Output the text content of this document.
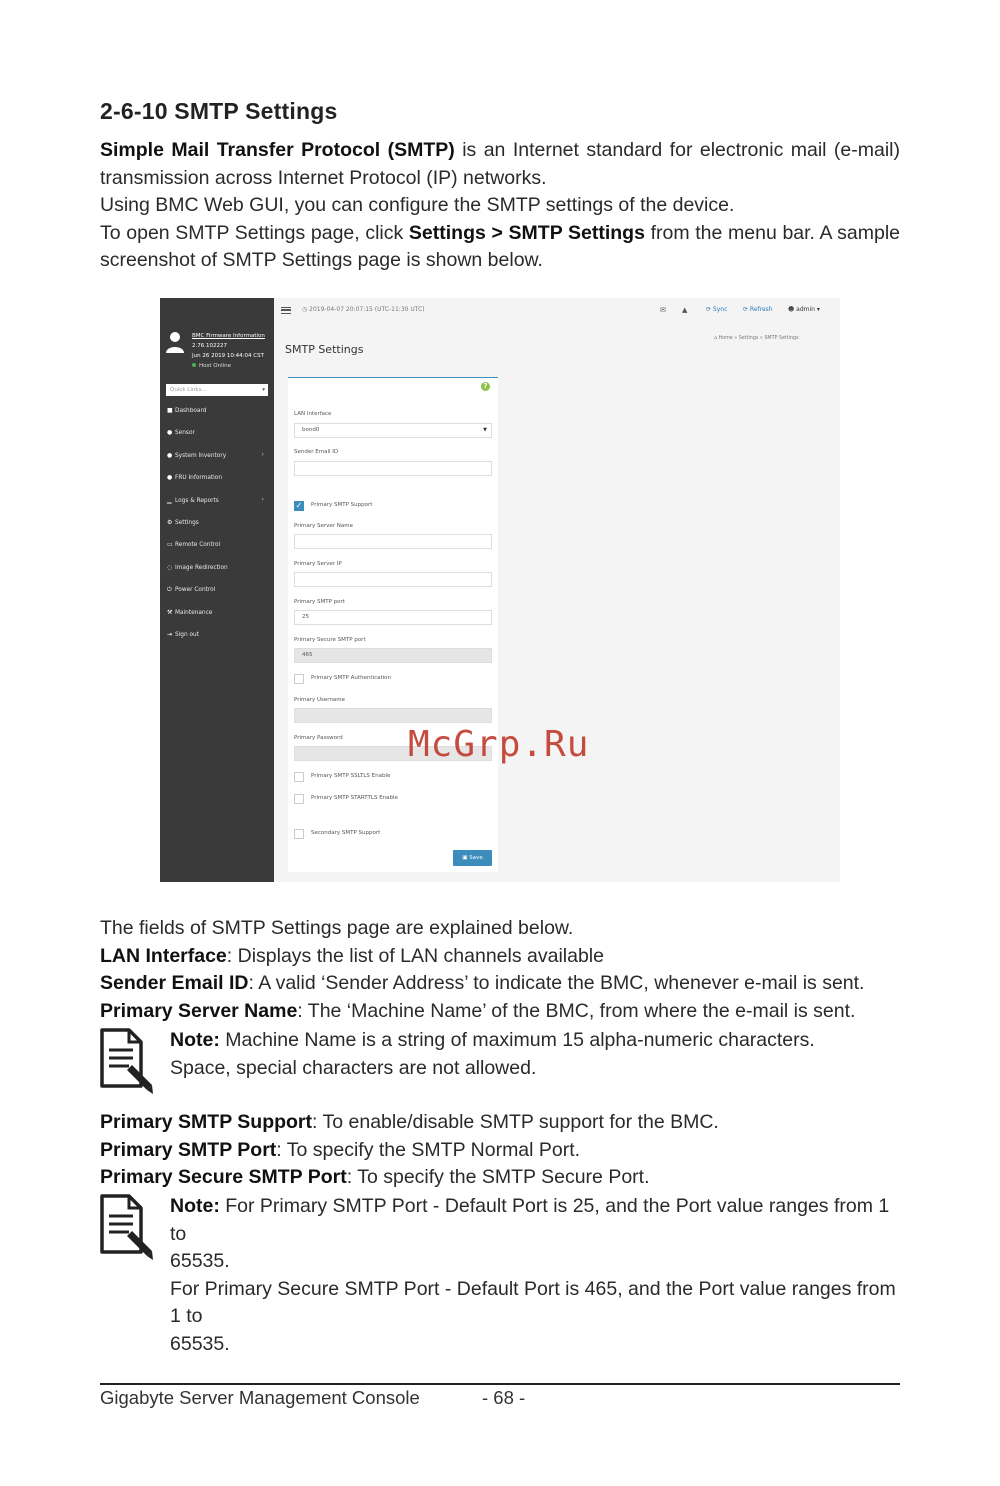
2-6-10 SMTP Settings
Simple Mail Transfer Protocol (SMTP) is an Internet standard for electronic mail (e-mail)
transmission across Internet Protocol (IP) networks.
Using BMC Web GUI, you can configure the SMTP settings of the device.
To open SMTP Settings page, click Settings > SMTP Settings from the menu bar. A sample
screenshot of SMTP Settings page is shown below.
BMC Firmware Information
2.76.102227
Jun 26 2019 10:44:04 CST
Host Online
Quick Links...	▾
■ Dashboard
● Sensor
● System Inventory	›
● FRU Information
▁ Logs & Reports	›
⚙ Settings
▭ Remote Control
◌ Image Redirection
⏻ Power Control
⚒ Maintenance
⇥ Sign out
◷ 2019-04-07 20:07:15 (UTC-11:30 UTC)	✉ ▲	⟳ Sync	⟳ Refresh	☻ admin ▾
SMTP Settings
⌂ Home » Settings » SMTP Settings
?
LAN Interface
bond0	▼
Sender Email ID
✓	Primary SMTP Support
Primary Server Name
Primary Server IP
Primary SMTP port
25
Primary Secure SMTP port
465
Primary SMTP Authentication
Primary Username
Primary Password
Primary SMTP SSLTLS Enable
Primary SMTP STARTTLS Enable
Secondary SMTP Support
▣ Save
McGrp.Ru
The fields of SMTP Settings page are explained below.
LAN Interface: Displays the list of LAN channels available
Sender Email ID: A valid ‘Sender Address’ to indicate the BMC, whenever e-mail is sent.
Primary Server Name: The ‘Machine Name’ of the BMC, from where the e-mail is sent.
Note: Machine Name is a string of maximum 15 alpha-numeric characters.
Space, special characters are not allowed.
Primary SMTP Support: To enable/disable SMTP support for the BMC.
Primary SMTP Port: To specify the SMTP Normal Port.
Primary Secure SMTP Port: To specify the SMTP Secure Port.
Note: For Primary SMTP Port - Default Port is 25, and the Port value ranges from 1 to
65535.
For Primary Secure SMTP Port - Default Port is 465, and the Port value ranges from 1 to
65535.
Gigabyte Server Management Console	- 68 -
